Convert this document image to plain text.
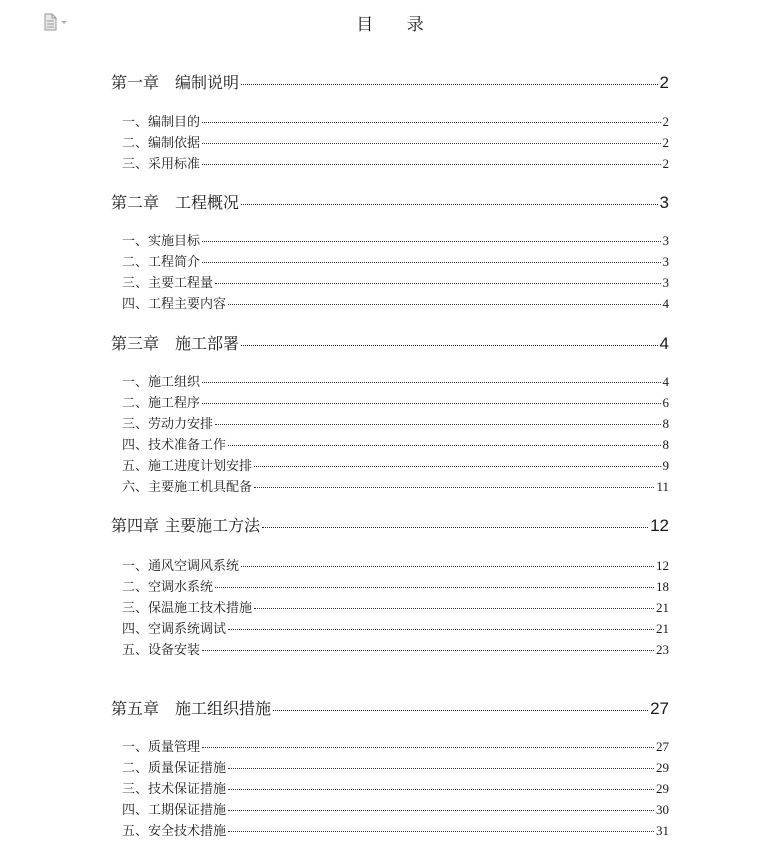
目 录
第一章　编制说明	2
一、编制目的	2
二、编制依据	2
三、采用标准	2
第二章　工程概况	3
一、实施目标	3
二、工程简介	3
三、主要工程量	3
四、工程主要内容	4
第三章　施工部署	4
一、施工组织	4
二、施工程序	6
三、劳动力安排	8
四、技术准备工作	8
五、施工进度计划安排	9
六、主要施工机具配备	11
第四章 主要施工方法	12
一、通风空调风系统	12
二、空调水系统	18
三、保温施工技术措施	21
四、空调系统调试	21
五、设备安装	23
第五章　施工组织措施	27
一、质量管理	27
二、质量保证措施	29
三、技术保证措施	29
四、工期保证措施	30
五、安全技术措施	31
